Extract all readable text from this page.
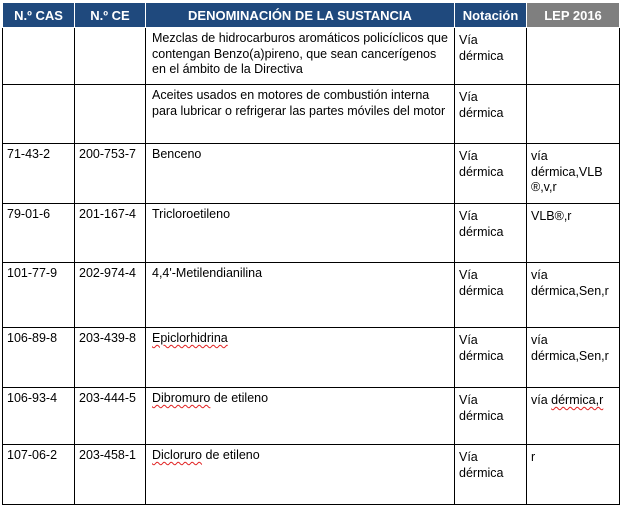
N.º CAS	N.º CE	DENOMINACIÓN DE LA SUSTANCIA	Notación	LEP 2016
		Mezclas de hidrocarburos aromáticos policíclicos que contengan Benzo(a)pireno, que sean cancerígenos en el ámbito de la Directiva	Vía dérmica	
		Aceites usados en motores de combustión interna para lubricar o refrigerar las partes móviles del motor	Vía dérmica	
71-43-2	200-753-7	Benceno	Vía dérmica	vía dérmica,VLB ®,v,r
79-01-6	201-167-4	Tricloroetileno	Vía dérmica	VLB®,r
101-77-9	202-974-4	4,4'-Metilendianilina	Vía dérmica	vía dérmica,Sen,r
106-89-8	203-439-8	Epiclorhidrina	Vía dérmica	vía dérmica,Sen,r
106-93-4	203-444-5	Dibromuro de etileno	Vía dérmica	vía dérmica,r
107-06-2	203-458-1	Dicloruro de etileno	Vía dérmica	r
